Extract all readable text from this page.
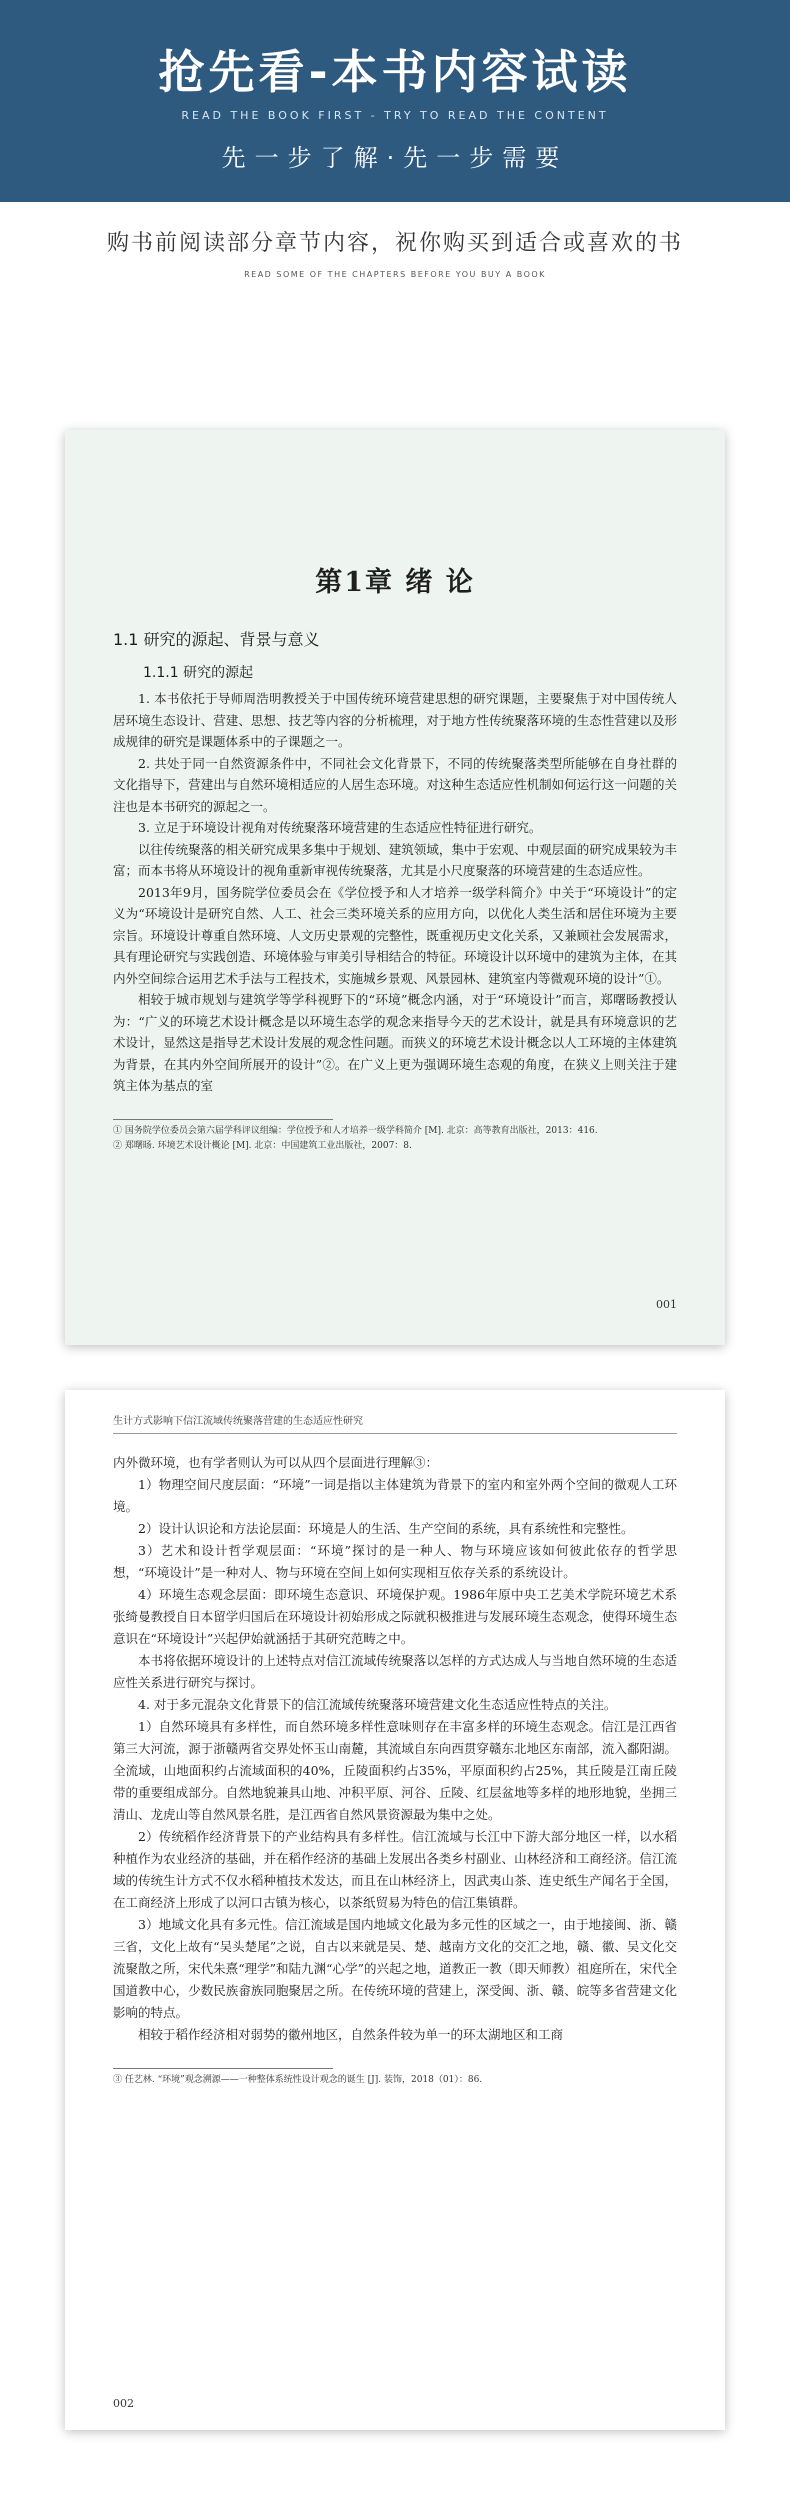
抢先看-本书内容试读
READ THE BOOK FIRST - TRY TO READ THE CONTENT
先一步了解·先一步需要
购书前阅读部分章节内容，祝你购买到适合或喜欢的书
READ SOME OF THE CHAPTERS BEFORE YOU BUY A BOOK
第1章 绪 论
1.1 研究的源起、背景与意义
1.1.1 研究的源起

1. 本书依托于导师周浩明教授关于中国传统环境营建思想的研究课题，主要聚焦于对中国传统人居环境生态设计、营建、思想、技艺等内容的分析梳理，对于地方性传统聚落环境的生态性营建以及形成规律的研究是课题体系中的子课题之一。

2. 共处于同一自然资源条件中，不同社会文化背景下，不同的传统聚落类型所能够在自身社群的文化指导下，营建出与自然环境相适应的人居生态环境。对这种生态适应性机制如何运行这一问题的关注也是本书研究的源起之一。

3. 立足于环境设计视角对传统聚落环境营建的生态适应性特征进行研究。

以往传统聚落的相关研究成果多集中于规划、建筑领域，集中于宏观、中观层面的研究成果较为丰富；而本书将从环境设计的视角重新审视传统聚落，尤其是小尺度聚落的环境营建的生态适应性。

2013年9月，国务院学位委员会在《学位授予和人才培养一级学科简介》中关于“环境设计”的定义为“环境设计是研究自然、人工、社会三类环境关系的应用方向，以优化人类生活和居住环境为主要宗旨。环境设计尊重自然环境、人文历史景观的完整性，既重视历史文化关系，又兼顾社会发展需求，具有理论研究与实践创造、环境体验与审美引导相结合的特征。环境设计以环境中的建筑为主体，在其内外空间综合运用艺术手法与工程技术，实施城乡景观、风景园林、建筑室内等微观环境的设计”①。

相较于城市规划与建筑学等学科视野下的“环境”概念内涵，对于“环境设计”而言，郑曙旸教授认为：“广义的环境艺术设计概念是以环境生态学的观念来指导今天的艺术设计，就是具有环境意识的艺术设计，显然这是指导艺术设计发展的观念性问题。而狭义的环境艺术设计概念以人工环境的主体建筑为背景，在其内外空间所展开的设计”②。在广义上更为强调环境生态观的角度，在狭义上则关注于建筑主体为基点的室

① 国务院学位委员会第六届学科评议组编：学位授予和人才培养一级学科简介 [M]. 北京：高等教育出版社，2013：416.
② 郑曙旸. 环境艺术设计概论 [M]. 北京：中国建筑工业出版社，2007：8.
001
生计方式影响下信江流域传统聚落营建的生态适应性研究

内外微环境，也有学者则认为可以从四个层面进行理解③：

1）物理空间尺度层面：“环境”一词是指以主体建筑为背景下的室内和室外两个空间的微观人工环境。

2）设计认识论和方法论层面：环境是人的生活、生产空间的系统，具有系统性和完整性。

3）艺术和设计哲学观层面：“环境”探讨的是一种人、物与环境应该如何彼此依存的哲学思想，“环境设计”是一种对人、物与环境在空间上如何实现相互依存关系的系统设计。

4）环境生态观念层面：即环境生态意识、环境保护观。1986年原中央工艺美术学院环境艺术系张绮曼教授自日本留学归国后在环境设计初始形成之际就积极推进与发展环境生态观念，使得环境生态意识在“环境设计”兴起伊始就涵括于其研究范畴之中。

本书将依据环境设计的上述特点对信江流域传统聚落以怎样的方式达成人与当地自然环境的生态适应性关系进行研究与探讨。

4. 对于多元混杂文化背景下的信江流域传统聚落环境营建文化生态适应性特点的关注。

1）自然环境具有多样性，而自然环境多样性意味则存在丰富多样的环境生态观念。信江是江西省第三大河流，源于浙赣两省交界处怀玉山南麓，其流域自东向西贯穿赣东北地区东南部，流入鄱阳湖。全流域，山地面积约占流域面积的40%，丘陵面积约占35%，平原面积约占25%，其丘陵是江南丘陵带的重要组成部分。自然地貌兼具山地、冲积平原、河谷、丘陵、红层盆地等多样的地形地貌，坐拥三清山、龙虎山等自然风景名胜，是江西省自然风景资源最为集中之处。

2）传统稻作经济背景下的产业结构具有多样性。信江流域与长江中下游大部分地区一样，以水稻种植作为农业经济的基础，并在稻作经济的基础上发展出各类乡村副业、山林经济和工商经济。信江流域的传统生计方式不仅水稻种植技术发达，而且在山林经济上，因武夷山茶、连史纸生产闻名于全国，在工商经济上形成了以河口古镇为核心，以茶纸贸易为特色的信江集镇群。

3）地域文化具有多元性。信江流域是国内地域文化最为多元性的区域之一，由于地接闽、浙、赣三省，文化上故有“吴头楚尾”之说，自古以来就是吴、楚、越南方文化的交汇之地，赣、徽、吴文化交流聚散之所，宋代朱熹“理学”和陆九渊“心学”的兴起之地，道教正一教（即天师教）祖庭所在，宋代全国道教中心，少数民族畲族同胞聚居之所。在传统环境的营建上，深受闽、浙、赣、皖等多省营建文化影响的特点。

相较于稻作经济相对弱势的徽州地区，自然条件较为单一的环太湖地区和工商

③ 任艺林. “环境”观念溯源——一种整体系统性设计观念的诞生 [J]. 装饰，2018（01）：86.
002
